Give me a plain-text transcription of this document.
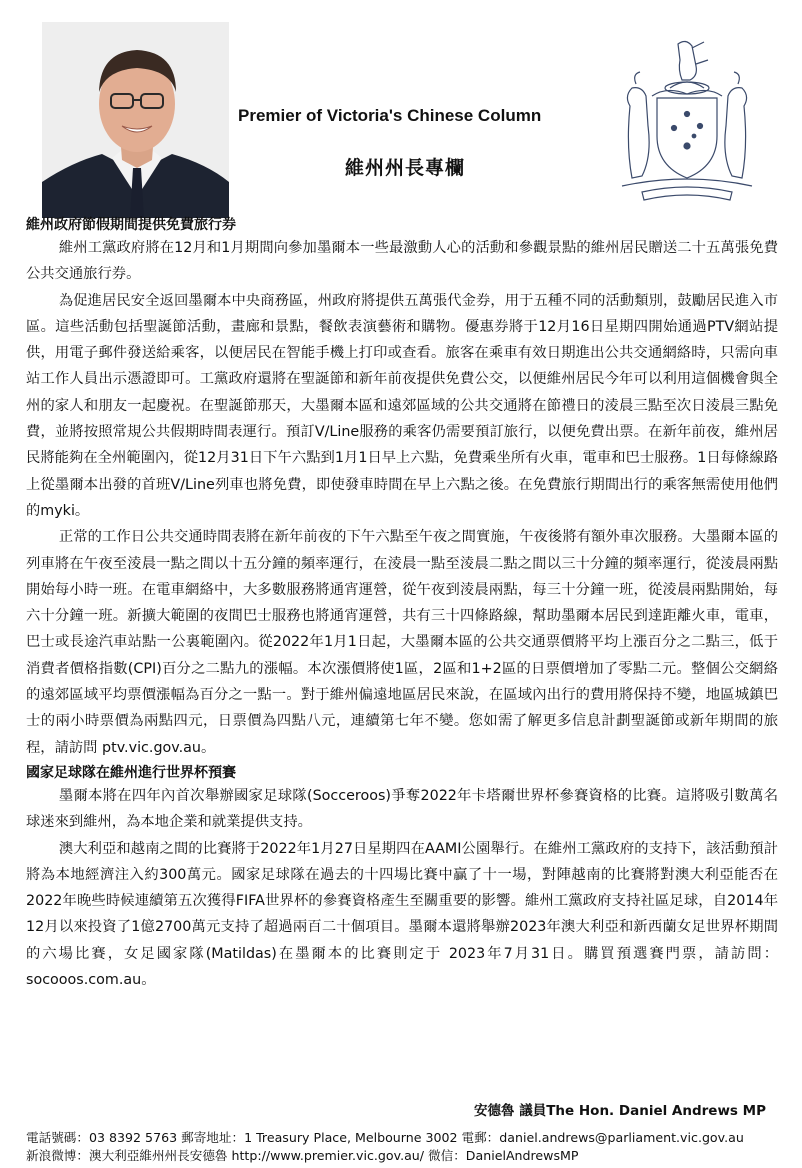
Premier of Victoria's Chinese Column
維州州長專欄
維州政府節假期間提供免費旅行券

維州工黨政府將在12月和1月期間向參加墨爾本一些最激動人心的活動和參觀景點的維州居民贈送二十五萬張免費公共交通旅行券。

為促進居民安全返回墨爾本中央商務區，州政府將提供五萬張代金券，用于五種不同的活動類別，鼓勵居民進入市區。這些活動包括聖誕節活動，畫廊和景點，餐飲表演藝術和購物。優惠券將于12月16日星期四開始通過PTV網站提供，用電子郵件發送給乘客，以便居民在智能手機上打印或查看。旅客在乘車有效日期進出公共交通網絡時，只需向車站工作人員出示憑證即可。工黨政府還將在聖誕節和新年前夜提供免費公交，以便維州居民今年可以利用這個機會與全州的家人和朋友一起慶祝。在聖誕節那天，大墨爾本區和遠郊區域的公共交通將在節禮日的淩晨三點至次日淩晨三點免費，並將按照常規公共假期時間表運行。預訂V/Line服務的乘客仍需要預訂旅行，以便免費出票。在新年前夜，維州居民將能夠在全州範圍內，從12月31日下午六點到1月1日早上六點，免費乘坐所有火車，電車和巴士服務。1日每條線路上從墨爾本出發的首班V/Line列車也將免費，即使發車時間在早上六點之後。在免費旅行期間出行的乘客無需使用他們的myki。

正常的工作日公共交通時間表將在新年前夜的下午六點至午夜之間實施，午夜後將有額外車次服務。大墨爾本區的列車將在午夜至淩晨一點之間以十五分鐘的頻率運行，在淩晨一點至淩晨二點之間以三十分鐘的頻率運行，從淩晨兩點開始每小時一班。在電車網絡中，大多數服務將通宵運營，從午夜到淩晨兩點，每三十分鐘一班，從淩晨兩點開始，每六十分鐘一班。新擴大範圍的夜間巴士服務也將通宵運營，共有三十四條路線，幫助墨爾本居民到達距離火車，電車，巴士或長途汽車站點一公裏範圍內。從2022年1月1日起，大墨爾本區的公共交通票價將平均上漲百分之二點三，低于消費者價格指數(CPI)百分之二點九的漲幅。本次漲價將使1區，2區和1+2區的日票價增加了零點二元。整個公交網絡的遠郊區域平均票價漲幅為百分之一點一。對于維州偏遠地區居民來說，在區域內出行的費用將保持不變，地區城鎮巴士的兩小時票價為兩點四元，日票價為四點八元，連續第七年不變。您如需了解更多信息計劃聖誕節或新年期間的旅程，請訪問 ptv.vic.gov.au。

國家足球隊在維州進行世界杯預賽

墨爾本將在四年內首次舉辦國家足球隊(Socceroos)爭奪2022年卡塔爾世界杯參賽資格的比賽。這將吸引數萬名球迷來到維州，為本地企業和就業提供支持。

澳大利亞和越南之間的比賽將于2022年1月27日星期四在AAMI公園舉行。在維州工黨政府的支持下，該活動預計將為本地經濟注入約300萬元。國家足球隊在過去的十四場比賽中贏了十一場，對陣越南的比賽將對澳大利亞能否在2022年晚些時候連續第五次獲得FIFA世界杯的參賽資格產生至關重要的影響。維州工黨政府支持社區足球，自2014年12月以來投資了1億2700萬元支持了超過兩百二十個項目。墨爾本還將舉辦2023年澳大利亞和新西蘭女足世界杯期間的六場比賽，女足國家隊(Matildas)在墨爾本的比賽則定于 2023年7月31日。購買預選賽門票，請訪問：socooos.com.au。

安德魯 議員The Hon. Daniel Andrews MP

電話號碼：03 8392 5763 郵寄地址：1 Treasury Place, Melbourne 3002 電郵：daniel.andrews@parliament.vic.gov.au

新浪微博：澳大利亞維州州長安德魯 http://www.premier.vic.gov.au/ 微信：DanielAndrewsMP
